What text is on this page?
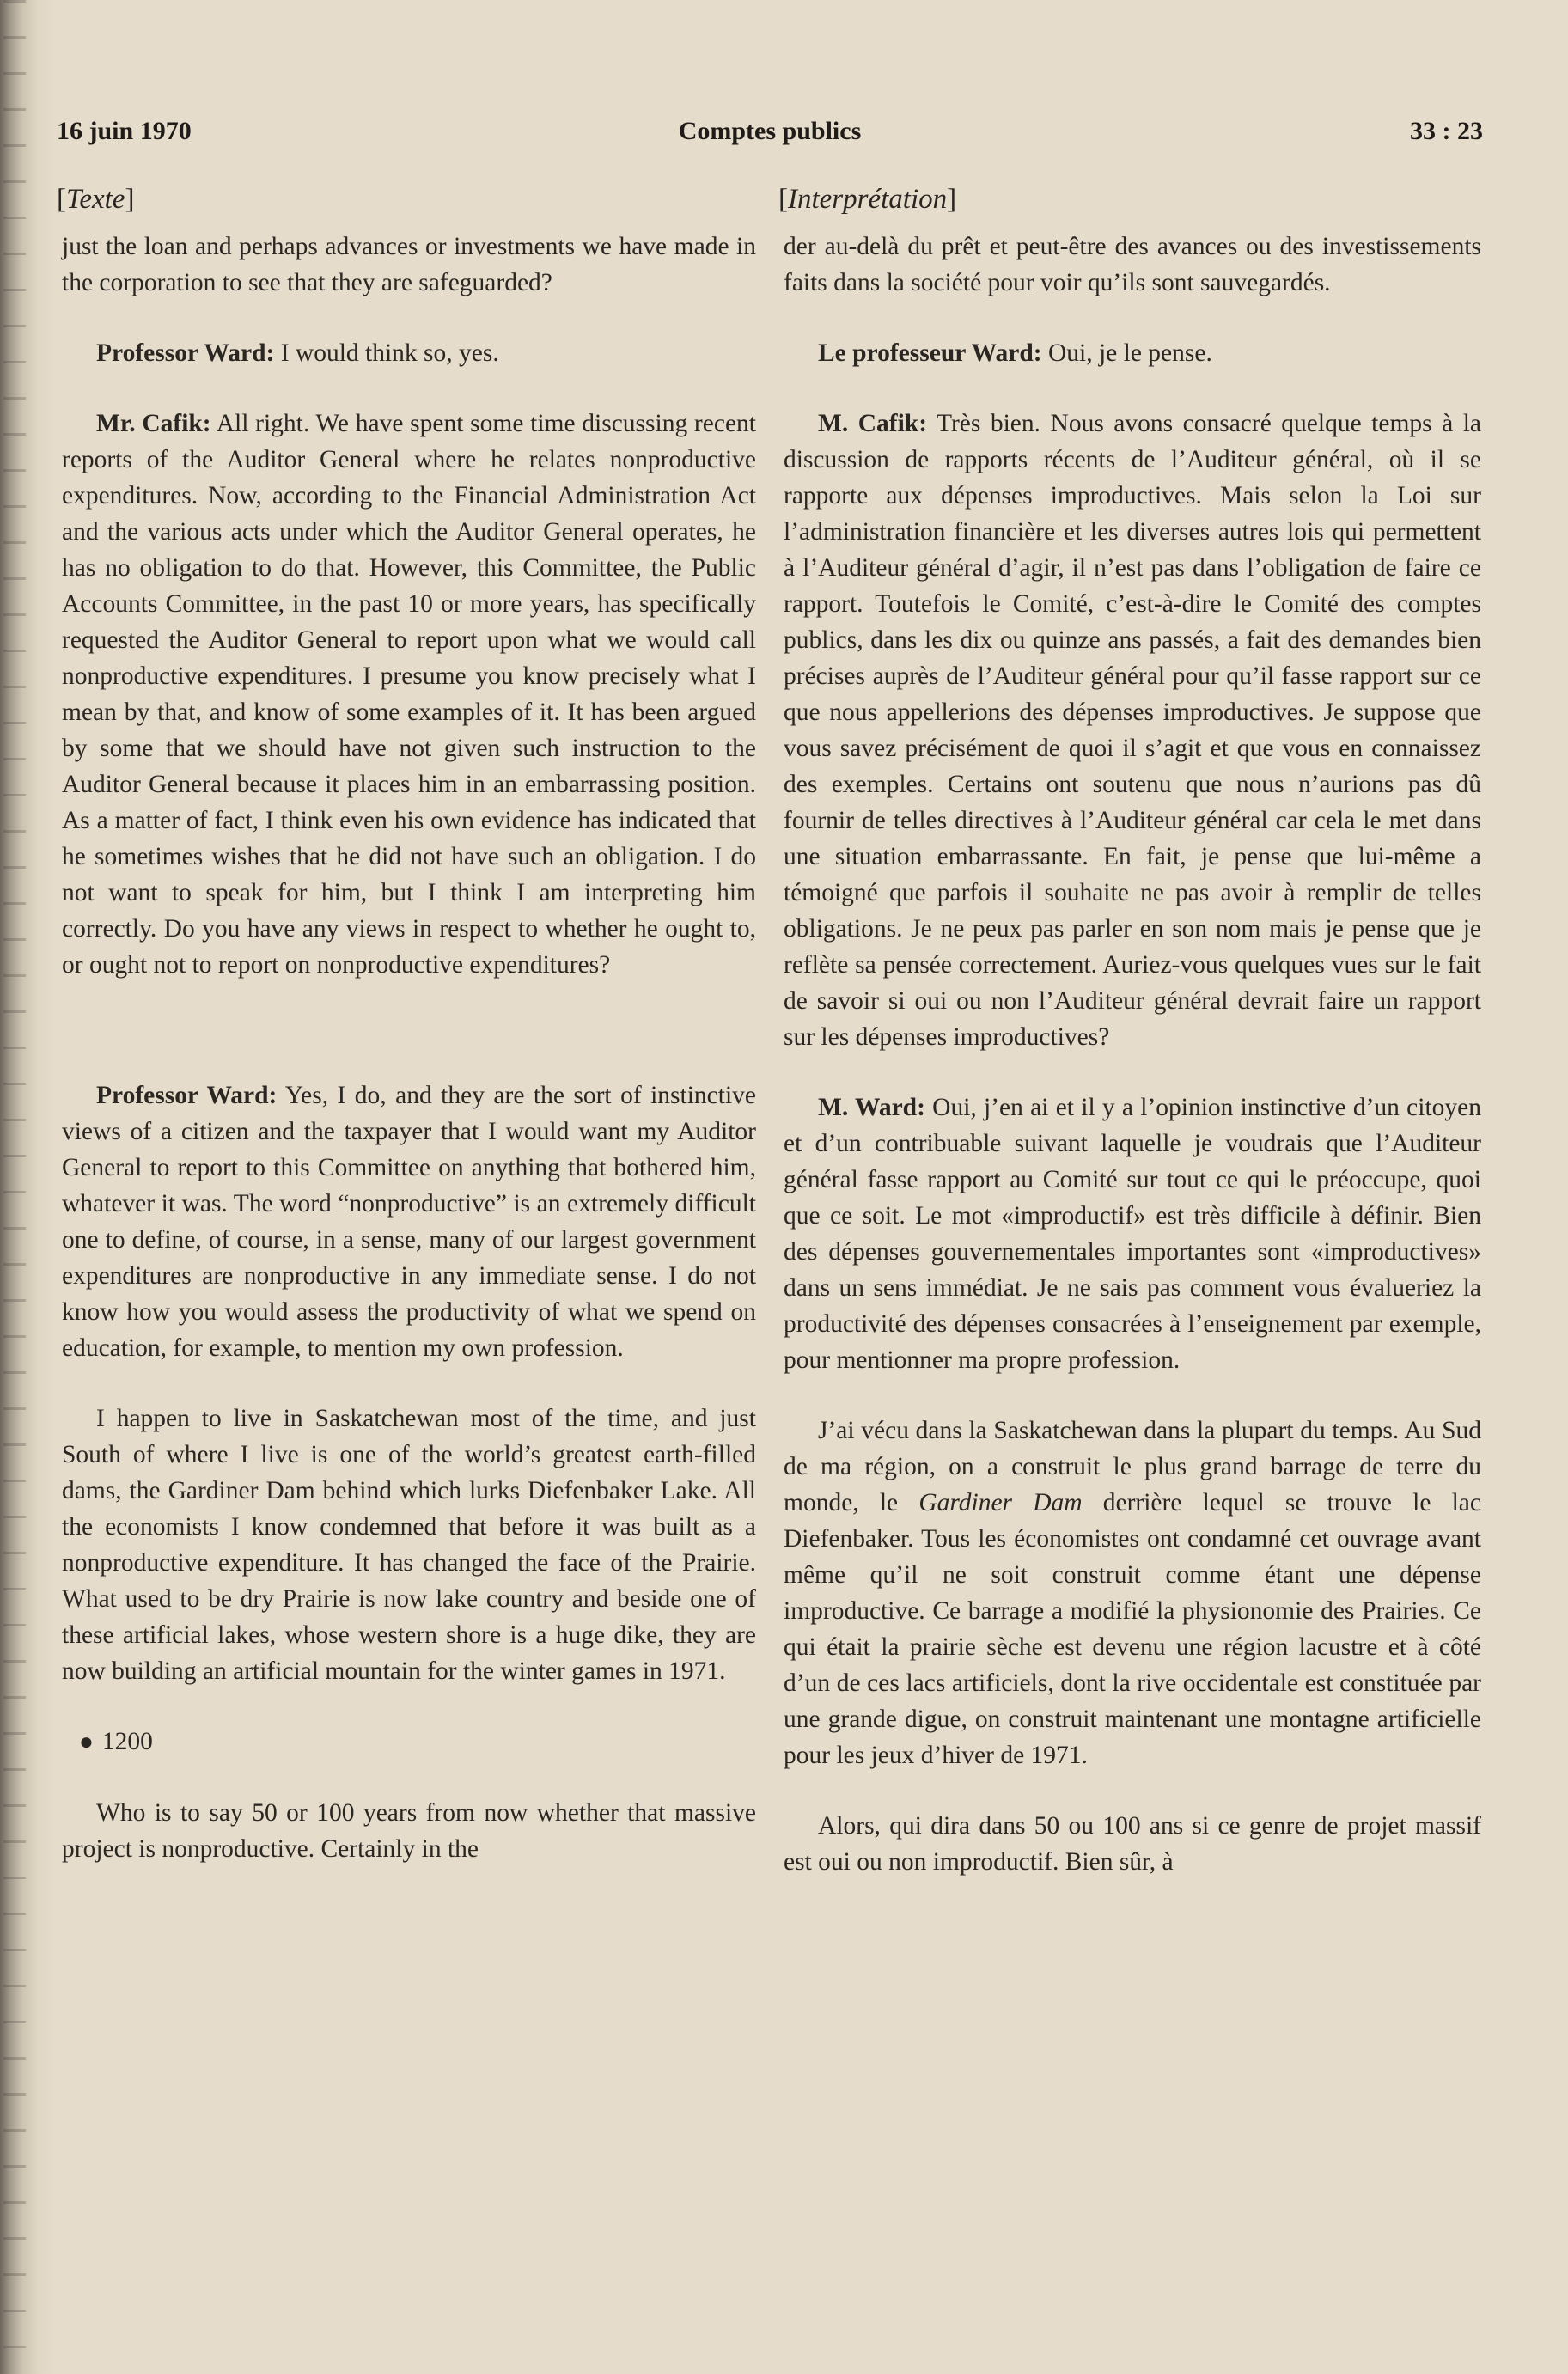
16 juin 1970	Comptes publics	33 : 23
[Texte]

just the loan and perhaps advances or investments we have made in the corporation to see that they are safeguarded?

Professor Ward: I would think so, yes.

Mr. Cafik: All right. We have spent some time discussing recent reports of the Auditor General where he relates nonproductive expenditures. Now, according to the Financial Administration Act and the various acts under which the Auditor General operates, he has no obligation to do that. However, this Committee, the Public Accounts Committee, in the past 10 or more years, has specifically requested the Auditor General to report upon what we would call nonproductive expenditures. I presume you know precisely what I mean by that, and know of some examples of it. It has been argued by some that we should have not given such instruction to the Auditor General because it places him in an embarrassing position. As a matter of fact, I think even his own evidence has indicated that he sometimes wishes that he did not have such an obligation. I do not want to speak for him, but I think I am interpreting him correctly. Do you have any views in respect to whether he ought to, or ought not to report on nonproductive expenditures?

Professor Ward: Yes, I do, and they are the sort of instinctive views of a citizen and the taxpayer that I would want my Auditor General to report to this Committee on anything that bothered him, whatever it was. The word “nonproductive” is an extremely difficult one to define, of course, in a sense, many of our largest government expenditures are nonproductive in any immediate sense. I do not know how you would assess the productivity of what we spend on education, for example, to mention my own profession.

I happen to live in Saskatchewan most of the time, and just South of where I live is one of the world’s greatest earth-filled dams, the Gardiner Dam behind which lurks Diefenbaker Lake. All the economists I know condemned that before it was built as a nonproductive expenditure. It has changed the face of the Prairie. What used to be dry Prairie is now lake country and beside one of these artificial lakes, whose western shore is a huge dike, they are now building an artificial mountain for the winter games in 1971.

● 1200

Who is to say 50 or 100 years from now whether that massive project is nonproductive. Certainly in the

[Interprétation]

der au-delà du prêt et peut-être des avances ou des investissements faits dans la société pour voir qu’ils sont sauvegardés.

Le professeur Ward: Oui, je le pense.

M. Cafik: Très bien. Nous avons consacré quelque temps à la discussion de rapports récents de l’Auditeur général, où il se rapporte aux dépenses improductives. Mais selon la Loi sur l’administration financière et les diverses autres lois qui permettent à l’Auditeur général d’agir, il n’est pas dans l’obligation de faire ce rapport. Toutefois le Comité, c’est-à-dire le Comité des comptes publics, dans les dix ou quinze ans passés, a fait des demandes bien précises auprès de l’Auditeur général pour qu’il fasse rapport sur ce que nous appellerions des dépenses improductives. Je suppose que vous savez précisément de quoi il s’agit et que vous en connaissez des exemples. Certains ont soutenu que nous n’aurions pas dû fournir de telles directives à l’Auditeur général car cela le met dans une situation embarrassante. En fait, je pense que lui-même a témoigné que parfois il souhaite ne pas avoir à remplir de telles obligations. Je ne peux pas parler en son nom mais je pense que je reflète sa pensée correctement. Auriez-vous quelques vues sur le fait de savoir si oui ou non l’Auditeur général devrait faire un rapport sur les dépenses improductives?

M. Ward: Oui, j’en ai et il y a l’opinion instinctive d’un citoyen et d’un contribuable suivant laquelle je voudrais que l’Auditeur général fasse rapport au Comité sur tout ce qui le préoccupe, quoi que ce soit. Le mot «improductif» est très difficile à définir. Bien des dépenses gouvernementales importantes sont «improductives» dans un sens immédiat. Je ne sais pas comment vous évalueriez la productivité des dépenses consacrées à l’enseignement par exemple, pour mentionner ma propre profession.

J’ai vécu dans la Saskatchewan dans la plupart du temps. Au Sud de ma région, on a construit le plus grand barrage de terre du monde, le Gardiner Dam derrière lequel se trouve le lac Diefenbaker. Tous les économistes ont condamné cet ouvrage avant même qu’il ne soit construit comme étant une dépense improductive. Ce barrage a modifié la physionomie des Prairies. Ce qui était la prairie sèche est devenu une région lacustre et à côté d’un de ces lacs artificiels, dont la rive occidentale est constituée par une grande digue, on construit maintenant une montagne artificielle pour les jeux d’hiver de 1971.

Alors, qui dira dans 50 ou 100 ans si ce genre de projet massif est oui ou non improductif. Bien sûr, à
